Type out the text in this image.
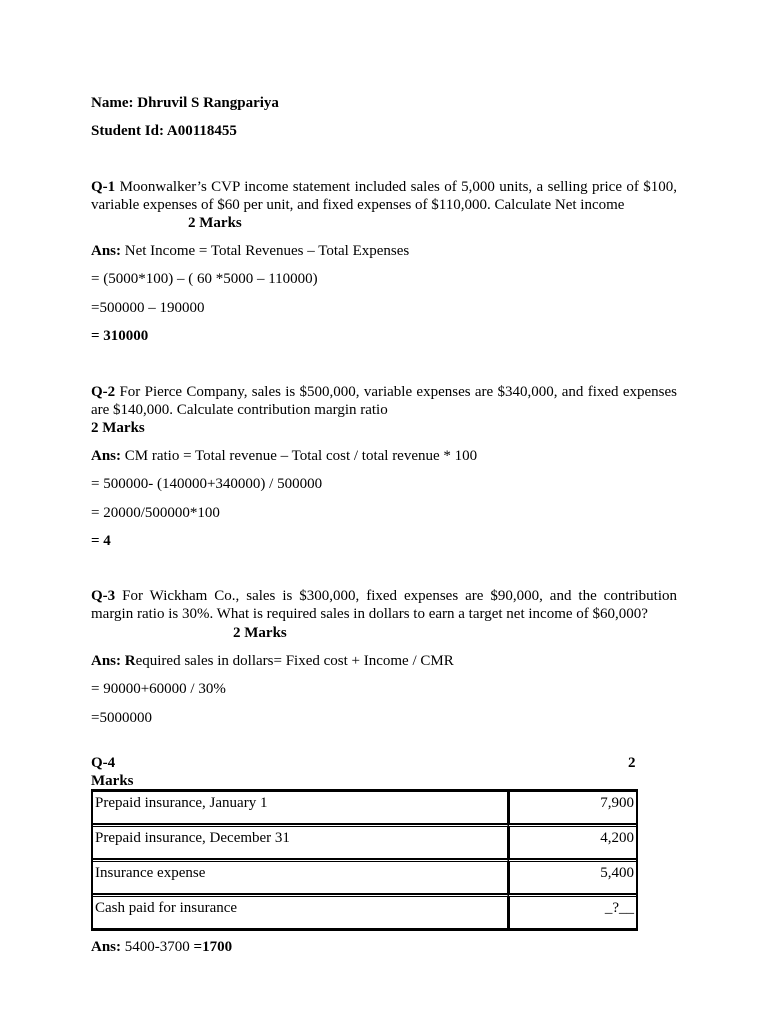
Name: Dhruvil S Rangpariya
Student Id: A00118455
Q-1 Moonwalker’s CVP income statement included sales of 5,000 units, a selling price of $100,
variable expenses of $60 per unit, and fixed expenses of $110,000. Calculate Net income
2 Marks
Ans: Net Income = Total Revenues – Total Expenses
= (5000*100) – ( 60 *5000 – 110000)
=500000 – 190000
= 310000
Q-2 For Pierce Company, sales is $500,000, variable expenses are $340,000, and fixed expenses
are $140,000. Calculate contribution margin ratio
2 Marks
Ans: CM ratio = Total revenue – Total cost / total revenue * 100
= 500000- (140000+340000) / 500000
= 20000/500000*100
= 4
Q-3 For Wickham Co., sales is $300,000, fixed expenses are $90,000, and the contribution
margin ratio is 30%. What is required sales in dollars to earn a target net income of $60,000?
2 Marks
Ans: Required sales in dollars= Fixed cost + Income / CMR
= 90000+60000 / 30%
=5000000
Q-4	2
Marks
Prepaid insurance, January 1	7,900
Prepaid insurance, December 31	4,200
Insurance expense	5,400
Cash paid for insurance	_?__
Ans: 5400-3700 =1700
